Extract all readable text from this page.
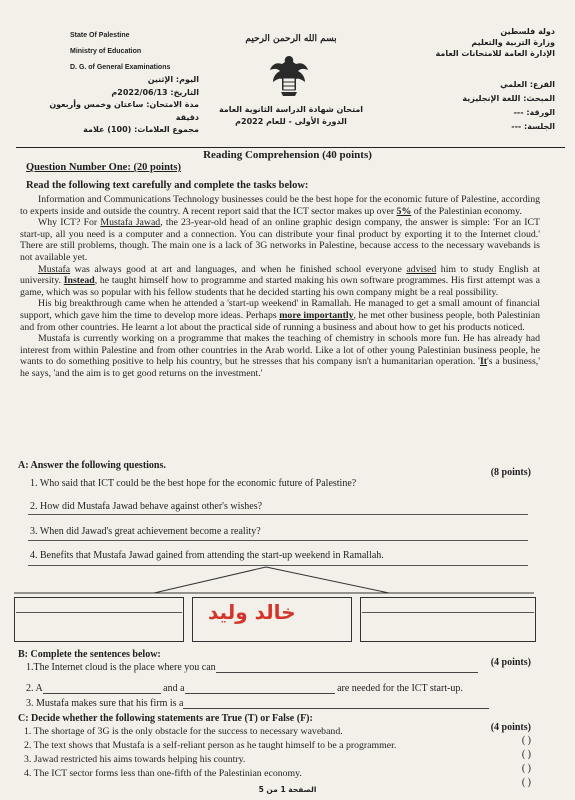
State Of Palestine
Ministry of Education
D. G. of General Examinations
بسم الله الرحمن الرحيم
دولة فلسطين
وزارة التربية والتعليم
الإدارة العامة للامتحانات العامة
اليوم: الإثنين
التاريخ: 2022/06/13م
مدة الامتحان: ساعتان وخمس وأربعون دقيقة
مجموع العلامات: (100) علامة
امتحان شهادة الدراسة الثانوية العامة
الدورة الأولى - للعام 2022م
الفرع: العلمي
المبحث: اللغة الإنجليزية
الورقة: ---
الجلسة: ---
Reading Comprehension (40 points)
Question Number One: (20 points)
Read the following text carefully and complete the tasks below:

Information and Communications Technology businesses could be the best hope for the economic future of Palestine, according to experts inside and outside the country. A recent report said that the ICT sector makes up over 5% of the Palestinian economy.

Why ICT? For Mustafa Jawad, the 23-year-old head of an online graphic design company, the answer is simple: 'For an ICT start-up, all you need is a computer and a connection. You can distribute your final product by exporting it to the Internet cloud.' There are still problems, though. The main one is a lack of 3G networks in Palestine, because access to the necessary wavebands is not available yet.

Mustafa was always good at art and languages, and when he finished school everyone advised him to study English at university. Instead, he taught himself how to programme and started making his own software programmes. His first attempt was a game, which was so popular with his fellow students that he decided starting his own company might be a real possibility.

His big breakthrough came when he attended a 'start-up weekend' in Ramallah. He managed to get a small amount of financial support, which gave him the time to develop more ideas. Perhaps more importantly, he met other business people, both Palestinian and from other countries. He learnt a lot about the practical side of running a business and about how to get his products noticed.

Mustafa is currently working on a programme that makes the teaching of chemistry in schools more fun. He has already had interest from within Palestine and from other countries in the Arab world. Like a lot of other young Palestinian business people, he wants to do something positive to help his country, but he stresses that his company isn't a humanitarian operation. 'It's a business,' he says, 'and the aim is to get good returns on the investment.'

A: Answer the following questions.
(8 points)
1. Who said that ICT could be the best hope for the economic future of Palestine?
2. How did Mustafa Jawad behave against other's wishes?
3. When did Jawad's great achievement become a reality?
4. Benefits that Mustafa Jawad gained from attending the start-up weekend in Ramallah.
خالد وليد
B: Complete the sentences below:
(4 points)
1.The Internet cloud is the place where you can
2. A	and a	are needed for the ICT start-up.
3. Mustafa makes sure that his firm is a
C: Decide whether the following statements are True (T) or False (F):
(4 points)
1. The shortage of 3G is the only obstacle for the success to necessary waveband.
2. The text shows that Mustafa is a self-reliant person as he taught himself to be a programmer.
3. Jawad restricted his aims towards helping his country.
4. The ICT sector forms less than one-fifth of the Palestinian economy.
( )
( )
( )
( )
الصفحة 1 من 5
